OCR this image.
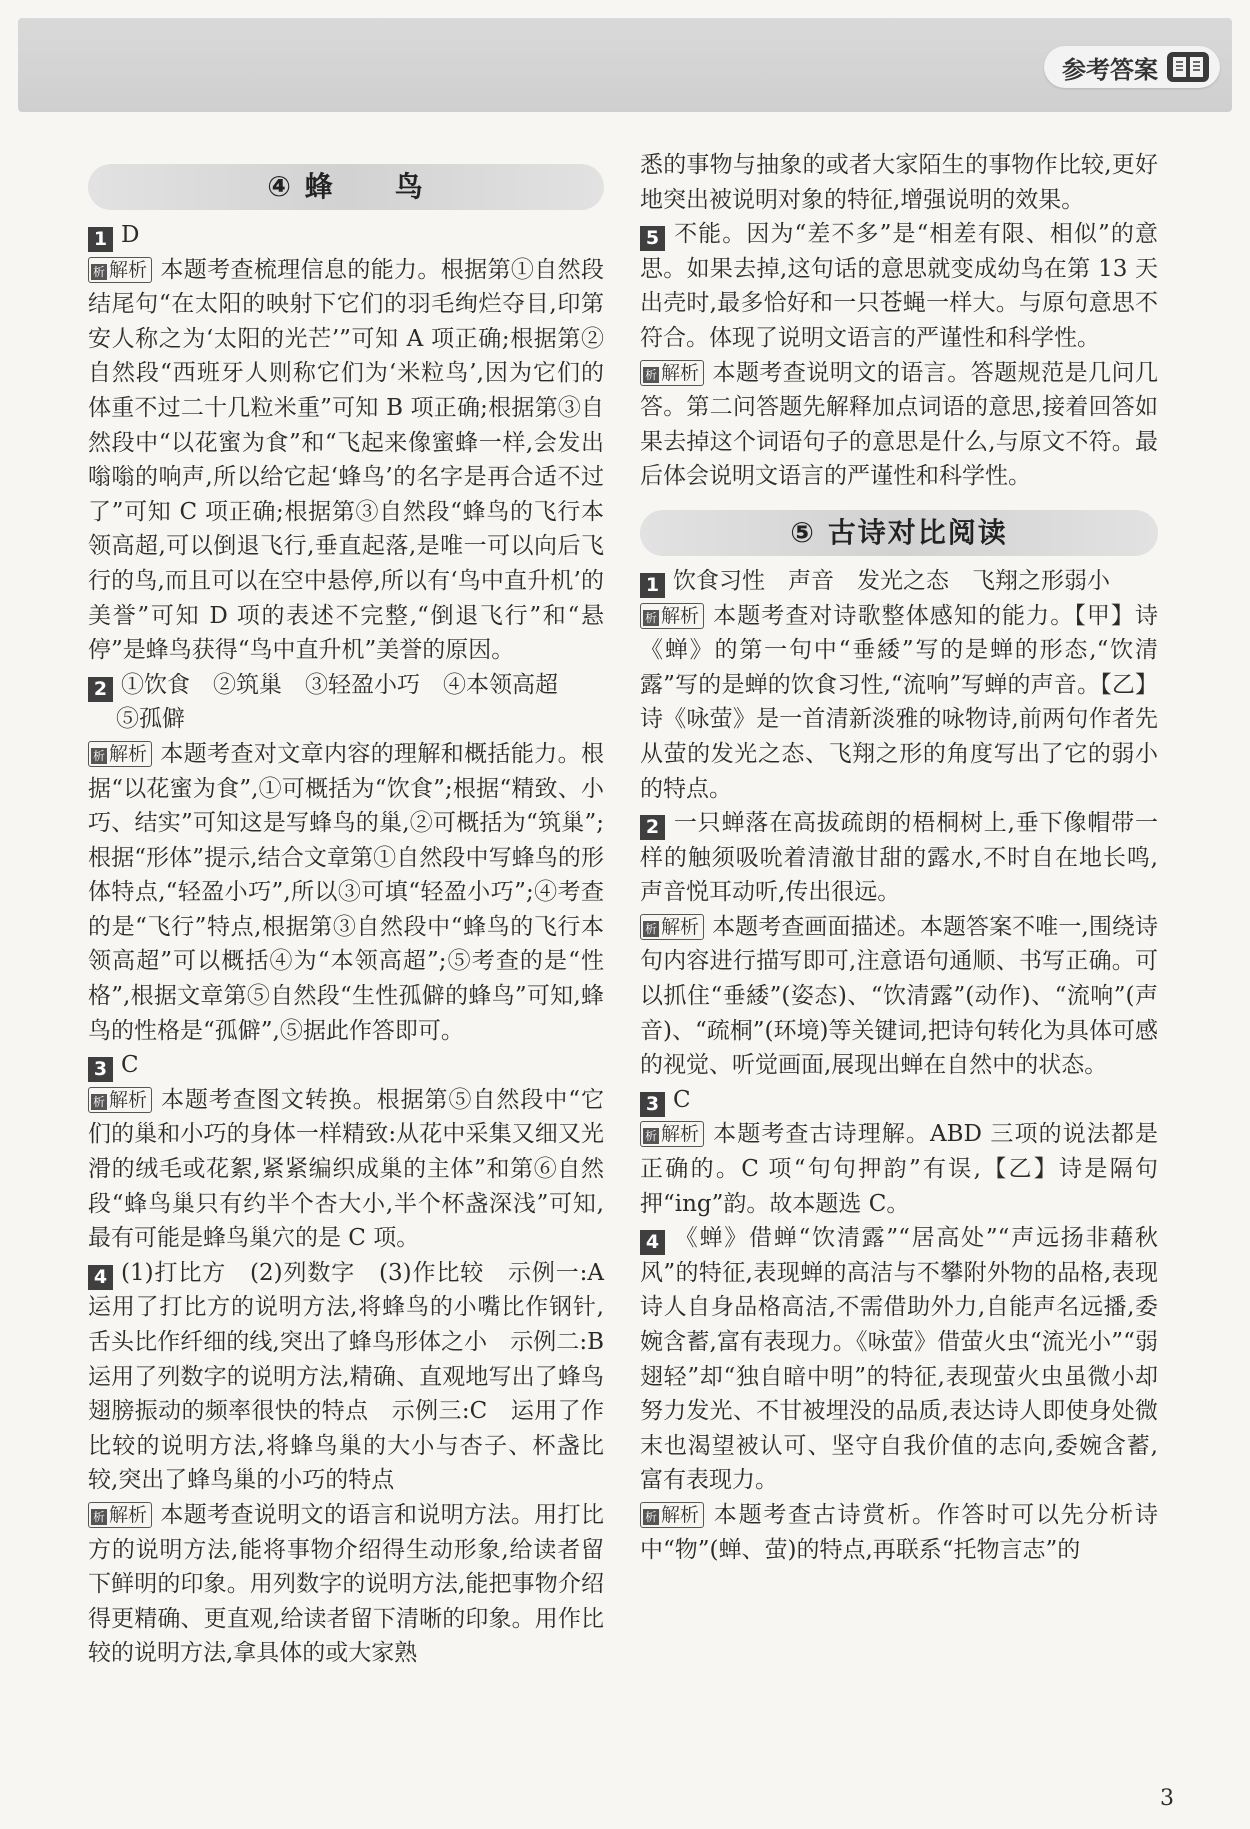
参考答案
④ 蜂　　鸟

1 D

析 解析 本题考查梳理信息的能力。根据第①自然段结尾句“在太阳的映射下它们的羽毛绚烂夺目,印第安人称之为‘太阳的光芒’”可知 A 项正确;根据第②自然段“西班牙人则称它们为‘米粒鸟’,因为它们的体重不过二十几粒米重”可知 B 项正确;根据第③自然段中“以花蜜为食”和“飞起来像蜜蜂一样,会发出嗡嗡的响声,所以给它起‘蜂鸟’的名字是再合适不过了”可知 C 项正确;根据第③自然段“蜂鸟的飞行本领高超,可以倒退飞行,垂直起落,是唯一可以向后飞行的鸟,而且可以在空中悬停,所以有‘鸟中直升机’的美誉”可知 D 项的表述不完整,“倒退飞行”和“悬停”是蜂鸟获得“鸟中直升机”美誉的原因。

2 ①饮食　②筑巢　③轻盈小巧　④本领高超

⑤孤僻

析 解析 本题考查对文章内容的理解和概括能力。根据“以花蜜为食”,①可概括为“饮食”;根据“精致、小巧、结实”可知这是写蜂鸟的巢,②可概括为“筑巢”;根据“形体”提示,结合文章第①自然段中写蜂鸟的形体特点,“轻盈小巧”,所以③可填“轻盈小巧”;④考查的是“飞行”特点,根据第③自然段中“蜂鸟的飞行本领高超”可以概括④为“本领高超”;⑤考查的是“性格”,根据文章第⑤自然段“生性孤僻的蜂鸟”可知,蜂鸟的性格是“孤僻”,⑤据此作答即可。

3 C

析 解析 本题考查图文转换。根据第⑤自然段中“它们的巢和小巧的身体一样精致:从花中采集又细又光滑的绒毛或花絮,紧紧编织成巢的主体”和第⑥自然段“蜂鸟巢只有约半个杏大小,半个杯盏深浅”可知,最有可能是蜂鸟巢穴的是 C 项。

4 (1)打比方　(2)列数字　(3)作比较　示例一:A　运用了打比方的说明方法,将蜂鸟的小嘴比作钢针,舌头比作纤细的线,突出了蜂鸟形体之小　示例二:B　运用了列数字的说明方法,精确、直观地写出了蜂鸟翅膀振动的频率很快的特点　示例三:C　运用了作比较的说明方法,将蜂鸟巢的大小与杏子、杯盏比较,突出了蜂鸟巢的小巧的特点

析 解析 本题考查说明文的语言和说明方法。用打比方的说明方法,能将事物介绍得生动形象,给读者留下鲜明的印象。用列数字的说明方法,能把事物介绍得更精确、更直观,给读者留下清晰的印象。用作比较的说明方法,拿具体的或大家熟

悉的事物与抽象的或者大家陌生的事物作比较,更好地突出被说明对象的特征,增强说明的效果。

5 不能。因为“差不多”是“相差有限、相似”的意思。如果去掉,这句话的意思就变成幼鸟在第 13 天出壳时,最多恰好和一只苍蝇一样大。与原句意思不符合。体现了说明文语言的严谨性和科学性。

析 解析 本题考查说明文的语言。答题规范是几问几答。第二问答题先解释加点词语的意思,接着回答如果去掉这个词语句子的意思是什么,与原文不符。最后体会说明文语言的严谨性和科学性。

⑤ 古诗对比阅读

1 饮食习性　声音　发光之态　飞翔之形弱小

析 解析 本题考查对诗歌整体感知的能力。【甲】诗《蝉》的第一句中“垂緌”写的是蝉的形态,“饮清露”写的是蝉的饮食习性,“流响”写蝉的声音。【乙】诗《咏萤》是一首清新淡雅的咏物诗,前两句作者先从萤的发光之态、飞翔之形的角度写出了它的弱小的特点。

2 一只蝉落在高拔疏朗的梧桐树上,垂下像帽带一样的触须吸吮着清澈甘甜的露水,不时自在地长鸣,声音悦耳动听,传出很远。

析 解析 本题考查画面描述。本题答案不唯一,围绕诗句内容进行描写即可,注意语句通顺、书写正确。可以抓住“垂緌”(姿态)、“饮清露”(动作)、“流响”(声音)、“疏桐”(环境)等关键词,把诗句转化为具体可感的视觉、听觉画面,展现出蝉在自然中的状态。

3 C

析 解析 本题考查古诗理解。ABD 三项的说法都是正确的。C 项“句句押韵”有误,【乙】诗是隔句押“ing”韵。故本题选 C。

4 《蝉》借蝉“饮清露”“居高处”“声远扬非藉秋风”的特征,表现蝉的高洁与不攀附外物的品格,表现诗人自身品格高洁,不需借助外力,自能声名远播,委婉含蓄,富有表现力。《咏萤》借萤火虫“流光小”“弱翅轻”却“独自暗中明”的特征,表现萤火虫虽微小却努力发光、不甘被埋没的品质,表达诗人即使身处微末也渴望被认可、坚守自我价值的志向,委婉含蓄,富有表现力。

析 解析 本题考查古诗赏析。作答时可以先分析诗中“物”(蝉、萤)的特点,再联系“托物言志”的

3
